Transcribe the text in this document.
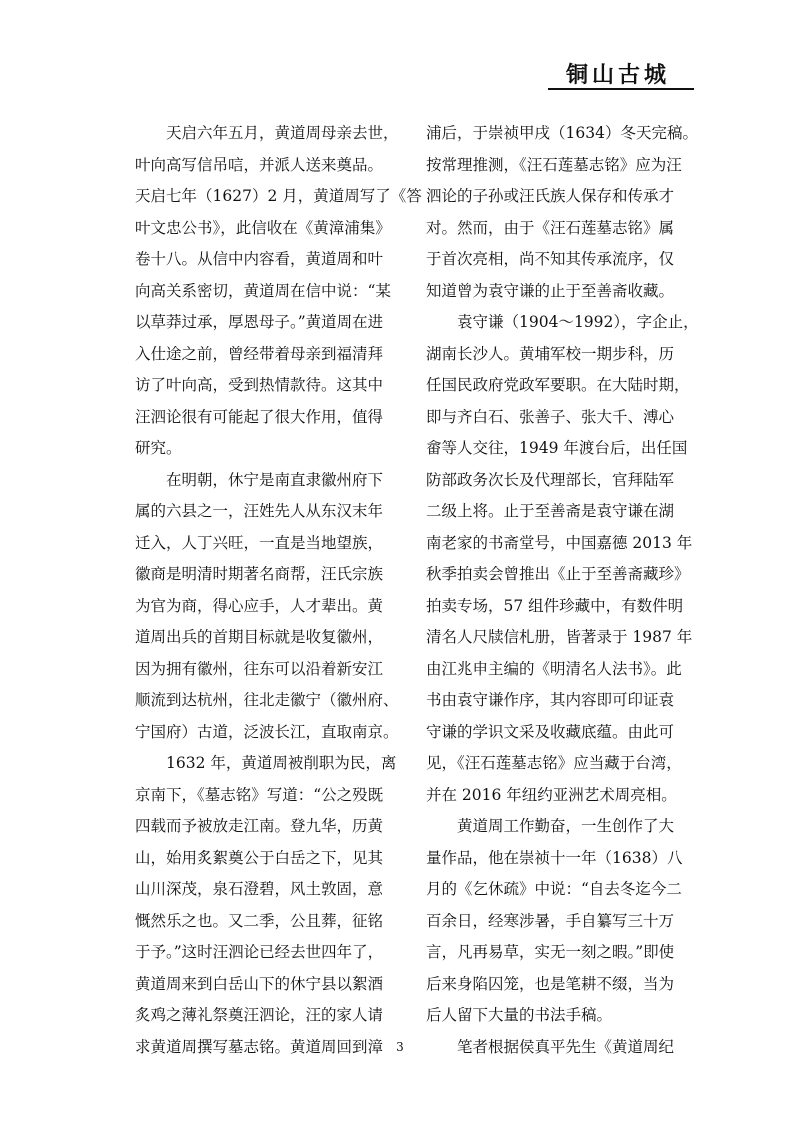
铜山古城
　　天启六年五月，黄道周母亲去世，
叶向高写信吊唁，并派人送来奠品。
天启七年（1627）2 月，黄道周写了《答
叶文忠公书》，此信收在《黄漳浦集》
卷十八。从信中内容看，黄道周和叶
向高关系密切，黄道周在信中说：“某
以草莽过承，厚恩母子。”黄道周在进
入仕途之前，曾经带着母亲到福清拜
访了叶向高，受到热情款待。这其中
汪泗论很有可能起了很大作用，值得
研究。
　　在明朝，休宁是南直隶徽州府下
属的六县之一，汪姓先人从东汉末年
迁入，人丁兴旺，一直是当地望族，
徽商是明清时期著名商帮，汪氏宗族
为官为商，得心应手，人才辈出。黄
道周出兵的首期目标就是收复徽州，
因为拥有徽州，往东可以沿着新安江
顺流到达杭州，往北走徽宁（徽州府、
宁国府）古道，泛波长江，直取南京。
　　1632 年，黄道周被削职为民，离
京南下，《墓志铭》写道：“公之殁既
四载而予被放走江南。登九华，历黄
山，始用炙絮奠公于白岳之下，见其
山川深茂，泉石澄碧，风土敦固，意
慨然乐之也。又二季，公且葬，征铭
于予。”这时汪泗论已经去世四年了，
黄道周来到白岳山下的休宁县以絮酒
炙鸡之薄礼祭奠汪泗论，汪的家人请
求黄道周撰写墓志铭。黄道周回到漳
浦后，于崇祯甲戌（1634）冬天完稿。
按常理推测，《汪石莲墓志铭》应为汪
泗论的子孙或汪氏族人保存和传承才
对。然而，由于《汪石莲墓志铭》属
于首次亮相，尚不知其传承流序，仅
知道曾为袁守谦的止于至善斋收藏。
　　袁守谦（1904～1992），字企止，
湖南长沙人。黄埔军校一期步科，历
任国民政府党政军要职。在大陆时期，
即与齐白石、张善子、张大千、溥心
畲等人交往，1949 年渡台后，出任国
防部政务次长及代理部长，官拜陆军
二级上将。止于至善斋是袁守谦在湖
南老家的书斋堂号，中国嘉德 2013 年
秋季拍卖会曾推出《止于至善斋藏珍》
拍卖专场，57 组件珍藏中，有数件明
清名人尺牍信札册，皆著录于 1987 年
由江兆申主编的《明清名人法书》。此
书由袁守谦作序，其内容即可印证袁
守谦的学识文采及收藏底蕴。由此可
见，《汪石莲墓志铭》应当藏于台湾，
并在 2016 年纽约亚洲艺术周亮相。
　　黄道周工作勤奋，一生创作了大
量作品，他在崇祯十一年（1638）八
月的《乞休疏》中说：“自去冬迄今二
百余日，经寒涉暑，手自纂写三十万
言，凡再易草，实无一刻之暇。”即使
后来身陷囚笼，也是笔耕不缀，当为
后人留下大量的书法手稿。
　　笔者根据侯真平先生《黄道周纪
3
